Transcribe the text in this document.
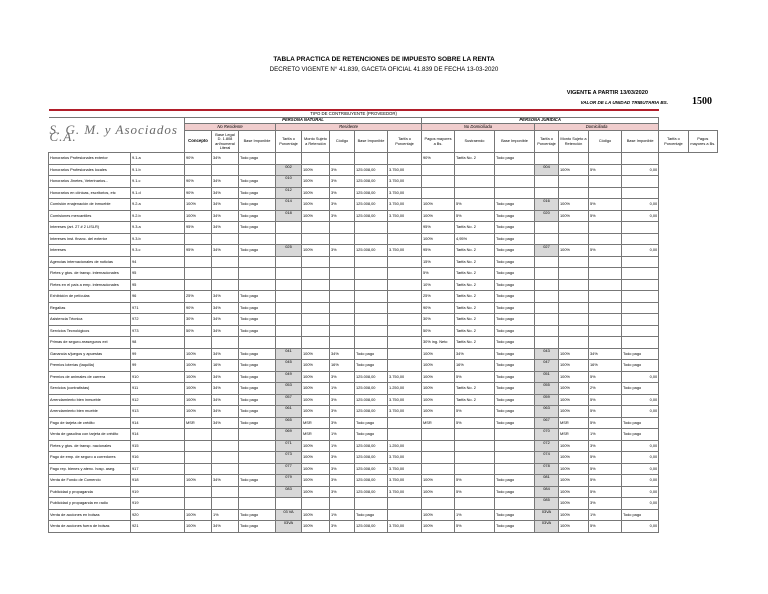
TABLA PRACTICA DE RETENCIONES DE IMPUESTO SOBRE LA RENTA
DECRETO VIGENTE N° 41.839, GACETA OFICIAL 41.839 DE FECHA 13-03-2020
VIGENTE A PARTIR 13/03/2020
VALOR DE LA UNIDAD TRIBUTARIA BS. 1500
TIPO DE CONTRIBUYENTE (PROVEEDOR)																		
S. G. M. y Asociados C.A.		PERSONA NATURAL								PERSONA JURIDICA								
		No Residente			Residente					No Domiciliada			Domiciliada					
		Concepto	Base Legal D. 1.808 art/numeral Literal	Base Imponible	Tarifa o Porcentaje	Monto Sujeto a Retención	Código	Base Imponible	Tarifa o Porcentaje	Pagos mayores a Bs.	Sustraendo	Base Imponible	Tarifa o Porcentaje	Monto Sujeto a Retención	Código	Base Imponible	Tarifa o Porcentaje	Pagos mayores a Bs.
Honorarios Profesionales exterior	9.1.a	90%	34%	Todo pago						90%	Tarifa No. 2	Todo pago						
Honorarios Profesionales locales	9.1.b				002	100%	3%	125.008,00	3.750,00				004	100%	5%	0,00		
Honorarios Jinetes, Veterinarios...	9.1.c	90%	34%	Todo pago	010	100%	3%	125.008,00	3.750,00									
Honorarios en clínicas, escritorios, etc	9.1.d	90%	34%	Todo pago	012	100%	3%	125.008,00	3.750,00									
Comisión enajenación de inmueble	9.2.a	100%	34%	Todo pago	014	100%	3%	125.008,00	3.750,00	100%	5%	Todo pago	016	100%	5%	0,00		
Comisiones mercantiles	9.2.b	100%	34%	Todo pago	018	100%	3%	125.008,00	3.750,00	100%	5%	Todo pago	020	100%	5%	0,00		
Intereses (art. 27 # 2 LISLR)	9.3.a	95%	34%	Todo pago						95%	Tarifa No. 2	Todo pago						
Intereses inst. financ. del exterior	9.3.b									100%	4,95%	Todo pago						
Intereses	9.3.c	95%	34%	Todo pago	025	100%	3%	125.008,00	3.750,00	95%	Tarifa No. 2	Todo pago	027	100%	5%	0,00		
Agencias internacionales de noticias	94									15%	Tarifa No. 2	Todo pago						
Fletes y gtos. de transp. internacionales	95									5%	Tarifa No. 2	Todo pago						
Fletes en el país a emp. internacionales	95									10%	Tarifa No. 2	Todo pago						
Exhibición de películas	96	25%	34%	Todo pago						25%	Tarifa No. 2	Todo pago						
Regalías	971	90%	34%	Todo pago						90%	Tarifa No. 2	Todo pago						
Asistencia Técnica	972	30%	34%	Todo pago						30%	Tarifa No. 2	Todo pago						
Servicios Tecnológicos	973	50%	34%	Todo pago						50%	Tarifa No. 2	Todo pago						
Primas de seguro-reaseguros ext	98									30% ing. Neto	Tarifa No. 2	Todo pago						
Ganancia s/juegos y apuestas	99	100%	34%	Todo pago	041	100%	34%	Todo pago		100%	34%	Todo pago	043	100%	34%	Todo pago		
Premios loterías (taquilla)	99	100%	16%	Todo pago	045	100%	16%	Todo pago		100%	16%	Todo pago	047	100%	16%	Todo pago		
Premios de animales de carrera	910	100%	34%	Todo pago	049	100%	3%	125.008,00	3.750,00	100%	5%	Todo pago	051	100%	5%	0,00		
Servicios (contratistas)	911	100%	34%	Todo pago	053	100%	1%	125.008,00	1.250,00	100%	Tarifa No. 2	Todo pago	055	100%	2%	Todo pago		
Arrendamiento bien inmueble	912	100%	34%	Todo pago	057	100%	3%	125.008,00	3.750,00	100%	Tarifa No. 2	Todo pago	059	100%	5%	0,00		
Arrendamiento bien mueble	913	100%	34%	Todo pago	061	100%	3%	125.008,00	3.750,00	100%	5%	Todo pago	063	100%	5%	0,00		
Pago de tarjeta de crédito	914	MSR	34%	Todo pago	065	MSR	3%	Todo pago		MSR	5%	Todo pago	067	MSR	5%	Todo pago		
Venta de gasolina con tarjeta de crédito	914				069	MSR	1%	Todo pago					070	MSR	1%	Todo pago		
Fletes y gtos. de transp. nacionales	915				071	100%	1%	125.008,00	1.250,00				072	100%	3%	0,00		
Pago de emp. de seguro a corredores	916				073	100%	3%	125.008,00	3.750,00				074	100%	5%	0,00		
Pago rep. bienes y atenc. hosp. aseg.	917				077	100%	3%	125.008,00	3.750,00				078	100%	5%	0,00		
Venta de Fondo de Comercio	918	100%	34%	Todo pago	079	100%	3%	125.008,00	3.750,00	100%	5%	Todo pago	081	100%	5%	0,00		
Publicidad y propaganda	919				083	100%	3%	125.008,00	3.750,00	100%	5%	Todo pago	084	100%	5%	0,00		
Publicidad y propaganda en radio	919												085	100%	3%	0,00		
Venta de acciones en bolsas	920	100%	1%	Todo pago	03 VA	100%	1%	Todo pago		100%	1%	Todo pago	03VA	100%	1%	Todo pago		
Venta de acciones fuera de bolsas	921	100%	34%	Todo pago	03VA	100%	3%	125.008,00	3.750,00	100%	5%	Todo pago	03VA	100%	5%	0,00		
